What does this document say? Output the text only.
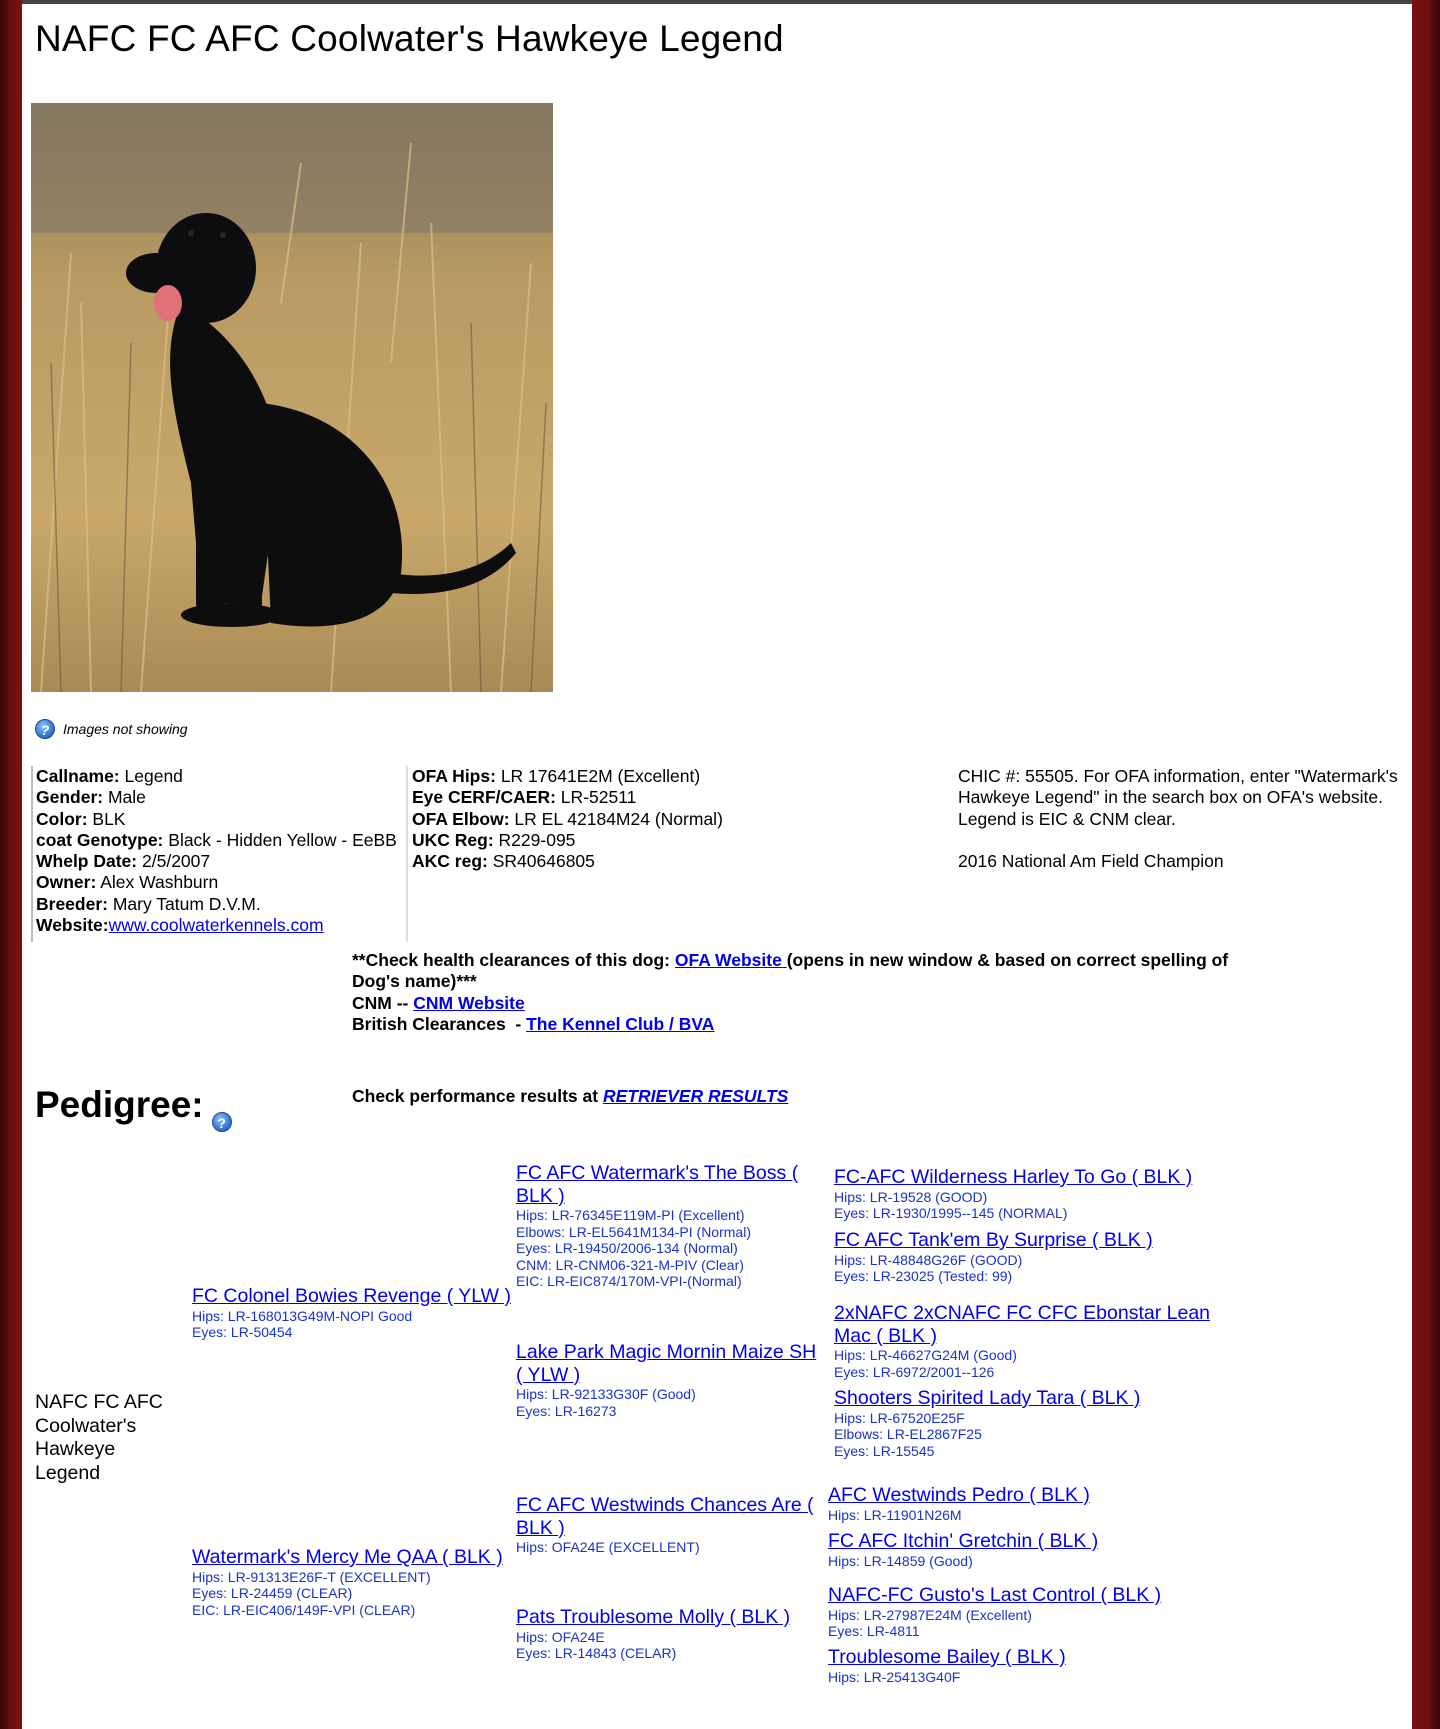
NAFC FC AFC Coolwater's Hawkeye Legend
? Images not showing
Callname: Legend
Gender: Male
Color: BLK
coat Genotype: Black - Hidden Yellow - EeBB
Whelp Date: 2/5/2007
Owner: Alex Washburn
Breeder: Mary Tatum D.V.M.
Website:www.coolwaterkennels.com
OFA Hips: LR 17641E2M (Excellent)
Eye CERF/CAER: LR-52511
OFA Elbow: LR EL 42184M24 (Normal)
UKC Reg: R229-095
AKC reg: SR40646805
CHIC #: 55505. For OFA information, enter "Watermark's Hawkeye Legend" in the search box on OFA's website. Legend is EIC & CNM clear.
2016 National Am Field Champion
**Check health clearances of this dog: OFA Website (opens in new window & based on correct spelling of Dog's name)***
CNM -- CNM Website
British Clearances  - The Kennel Club / BVA
Pedigree: ?
Check performance results at RETRIEVER RESULTS
NAFC FC AFC Coolwater's Hawkeye Legend
FC Colonel Bowies Revenge ( YLW )
Hips: LR-168013G49M-NOPI Good
Eyes: LR-50454
Watermark's Mercy Me QAA ( BLK )
Hips: LR-91313E26F-T (EXCELLENT)
Eyes: LR-24459 (CLEAR)
EIC: LR-EIC406/149F-VPI (CLEAR)
FC AFC Watermark's The Boss ( BLK )
Hips: LR-76345E119M-PI (Excellent)
Elbows: LR-EL5641M134-PI (Normal)
Eyes: LR-19450/2006-134 (Normal)
CNM: LR-CNM06-321-M-PIV (Clear)
EIC: LR-EIC874/170M-VPI-(Normal)
Lake Park Magic Mornin Maize SH ( YLW )
Hips: LR-92133G30F (Good)
Eyes: LR-16273
FC AFC Westwinds Chances Are ( BLK )
Hips: OFA24E (EXCELLENT)
Pats Troublesome Molly ( BLK )
Hips: OFA24E
Eyes: LR-14843 (CELAR)
FC-AFC Wilderness Harley To Go ( BLK )
Hips: LR-19528 (GOOD)
Eyes: LR-1930/1995--145 (NORMAL)
FC AFC Tank'em By Surprise ( BLK )
Hips: LR-48848G26F (GOOD)
Eyes: LR-23025 (Tested: 99)
2xNAFC 2xCNAFC FC CFC Ebonstar Lean Mac ( BLK )
Hips: LR-46627G24M (Good)
Eyes: LR-6972/2001--126
Shooters Spirited Lady Tara ( BLK )
Hips: LR-67520E25F
Elbows: LR-EL2867F25
Eyes: LR-15545
AFC Westwinds Pedro ( BLK )
Hips: LR-11901N26M
FC AFC Itchin' Gretchin ( BLK )
Hips: LR-14859 (Good)
NAFC-FC Gusto's Last Control ( BLK )
Hips: LR-27987E24M (Excellent)
Eyes: LR-4811
Troublesome Bailey ( BLK )
Hips: LR-25413G40F
